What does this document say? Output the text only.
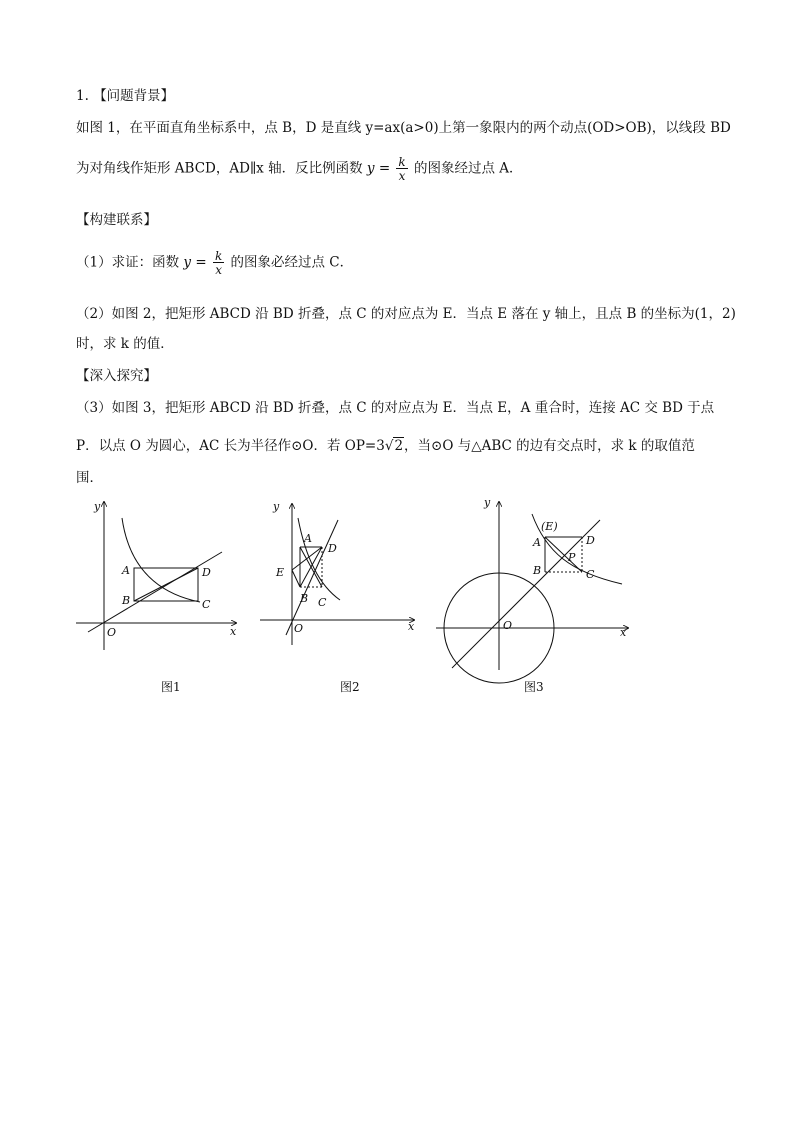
1. 【问题背景】
如图 1，在平面直角坐标系中，点 B，D 是直线 y=ax(a>0)上第一象限内的两个动点(OD>OB)，以线段 BD
为对角线作矩形 ABCD，AD∥x 轴．反比例函数 $y = \frac{k}{x}$ 的图象经过点 A．
【构建联系】
（1）求证：函数 $y = \frac{k}{x}$ 的图象必经过点 C．
（2）如图 2，把矩形 ABCD 沿 BD 折叠，点 C 的对应点为 E．当点 E 落在 y 轴上，且点 B 的坐标为(1，2)
时，求 k 的值．
【深入探究】
（3）如图 3，把矩形 ABCD 沿 BD 折叠，点 C 的对应点为 E．当点 E，A 重合时，连接 AC 交 BD 于点
P．以点 O 为圆心，AC 长为半径作⊙O．若 OP=3√2，当⊙O 与△ABC 的边有交点时，求 k 的取值范
围．
y
x
O
A
B	C
D
y
x
O
A
B C
D
E
y
x
O
(E)
A
B	C
D
P
图1	图2	图3
